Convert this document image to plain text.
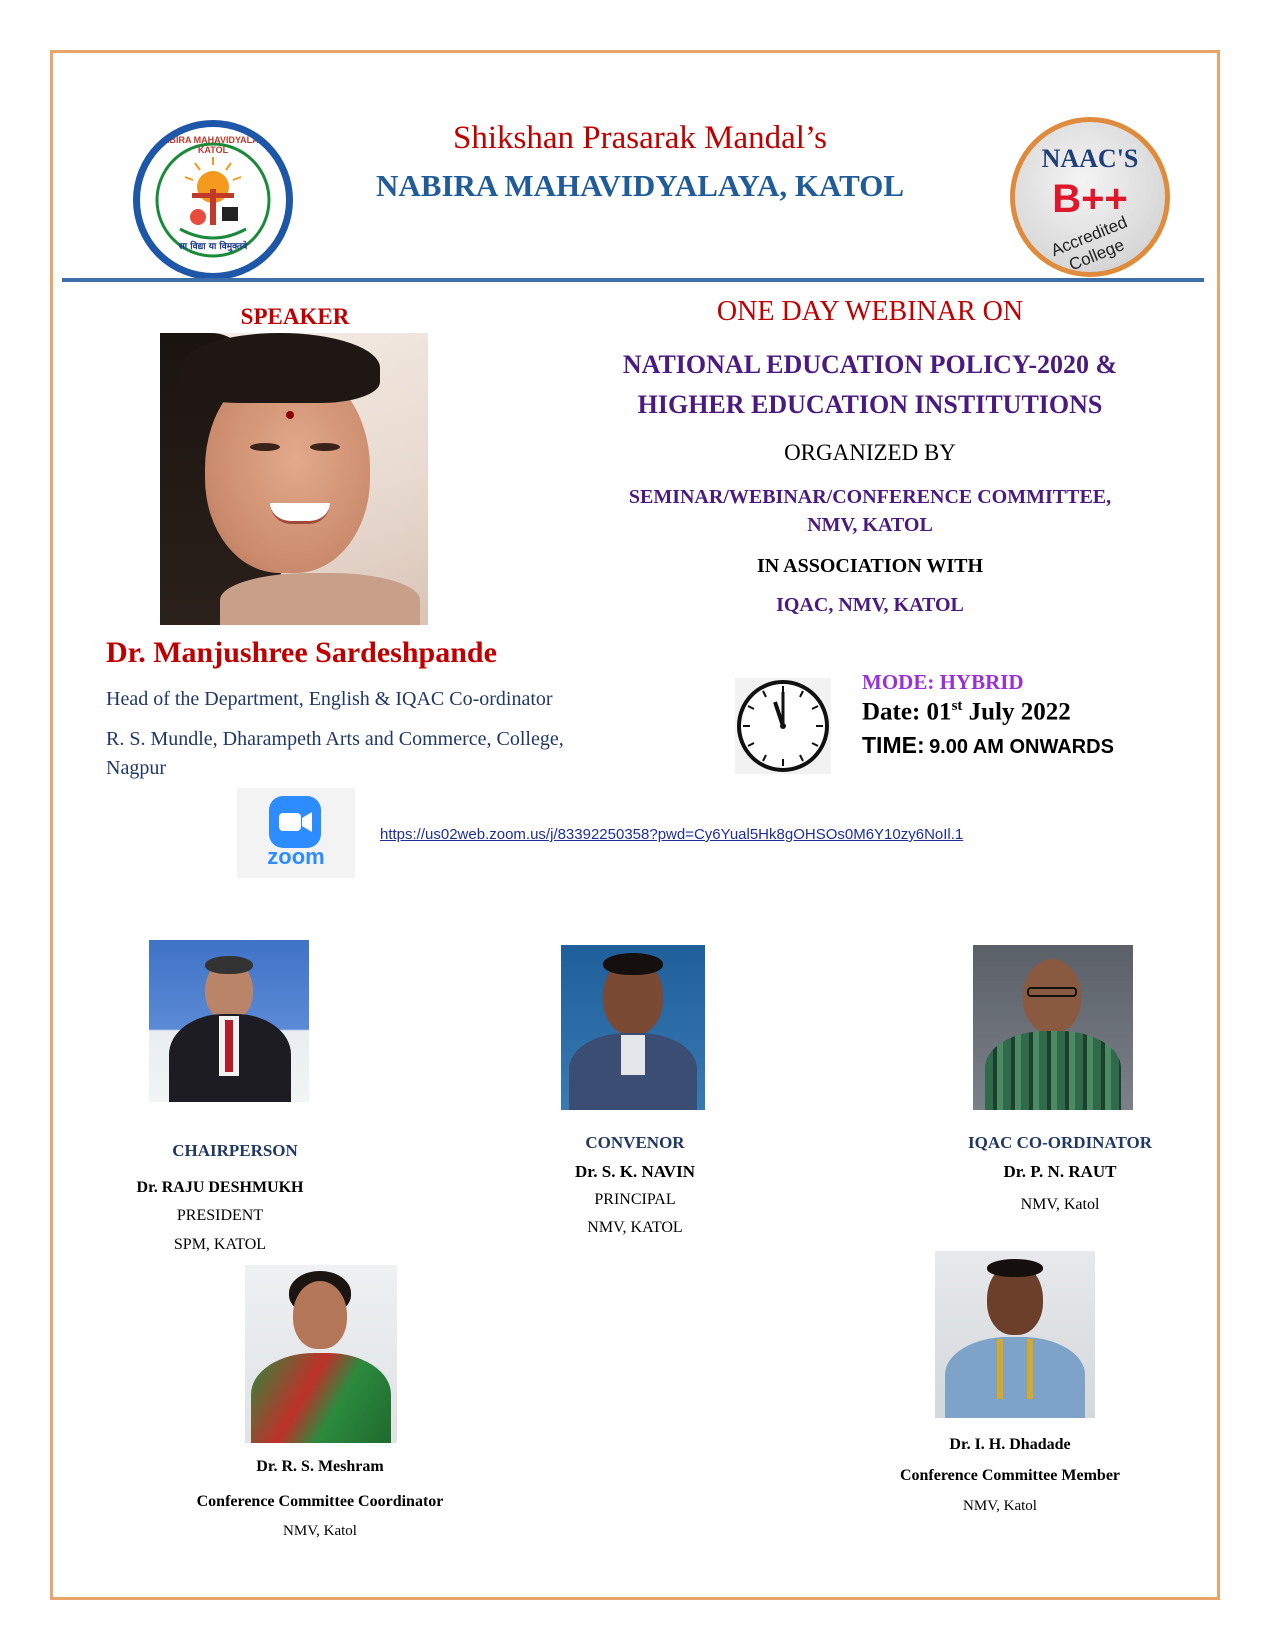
NABIRA MAHAVIDYALAYA KATOL
सा विद्या या विमुक्तये
Shikshan Prasarak Mandal’s
NABIRA MAHAVIDYALAYA, KATOL
NAAC'S
B++
Accredited College
SPEAKER
Dr. Manjushree Sardeshpande
Head of the Department, English & IQAC Co-ordinator
R. S. Mundle, Dharampeth Arts and Commerce, College,
Nagpur
ONE DAY WEBINAR ON
NATIONAL EDUCATION POLICY-2020 &
HIGHER EDUCATION INSTITUTIONS
ORGANIZED BY
SEMINAR/WEBINAR/CONFERENCE COMMITTEE,
NMV, KATOL
IN ASSOCIATION WITH
IQAC, NMV, KATOL
MODE: HYBRID
Date: 01st July 2022
TIME: 9.00 AM ONWARDS
zoom
https://us02web.zoom.us/j/83392250358?pwd=Cy6Yual5Hk8gOHSOs0M6Y10zy6NoIl.1
CHAIRPERSON
Dr. RAJU DESHMUKH
PRESIDENT
SPM, KATOL
CONVENOR
Dr. S. K. NAVIN
PRINCIPAL
NMV, KATOL
IQAC CO-ORDINATOR
Dr. P. N. RAUT
NMV, Katol
Dr. R. S. Meshram
Conference Committee Coordinator
NMV, Katol
Dr. I. H. Dhadade
Conference Committee Member
NMV, Katol
